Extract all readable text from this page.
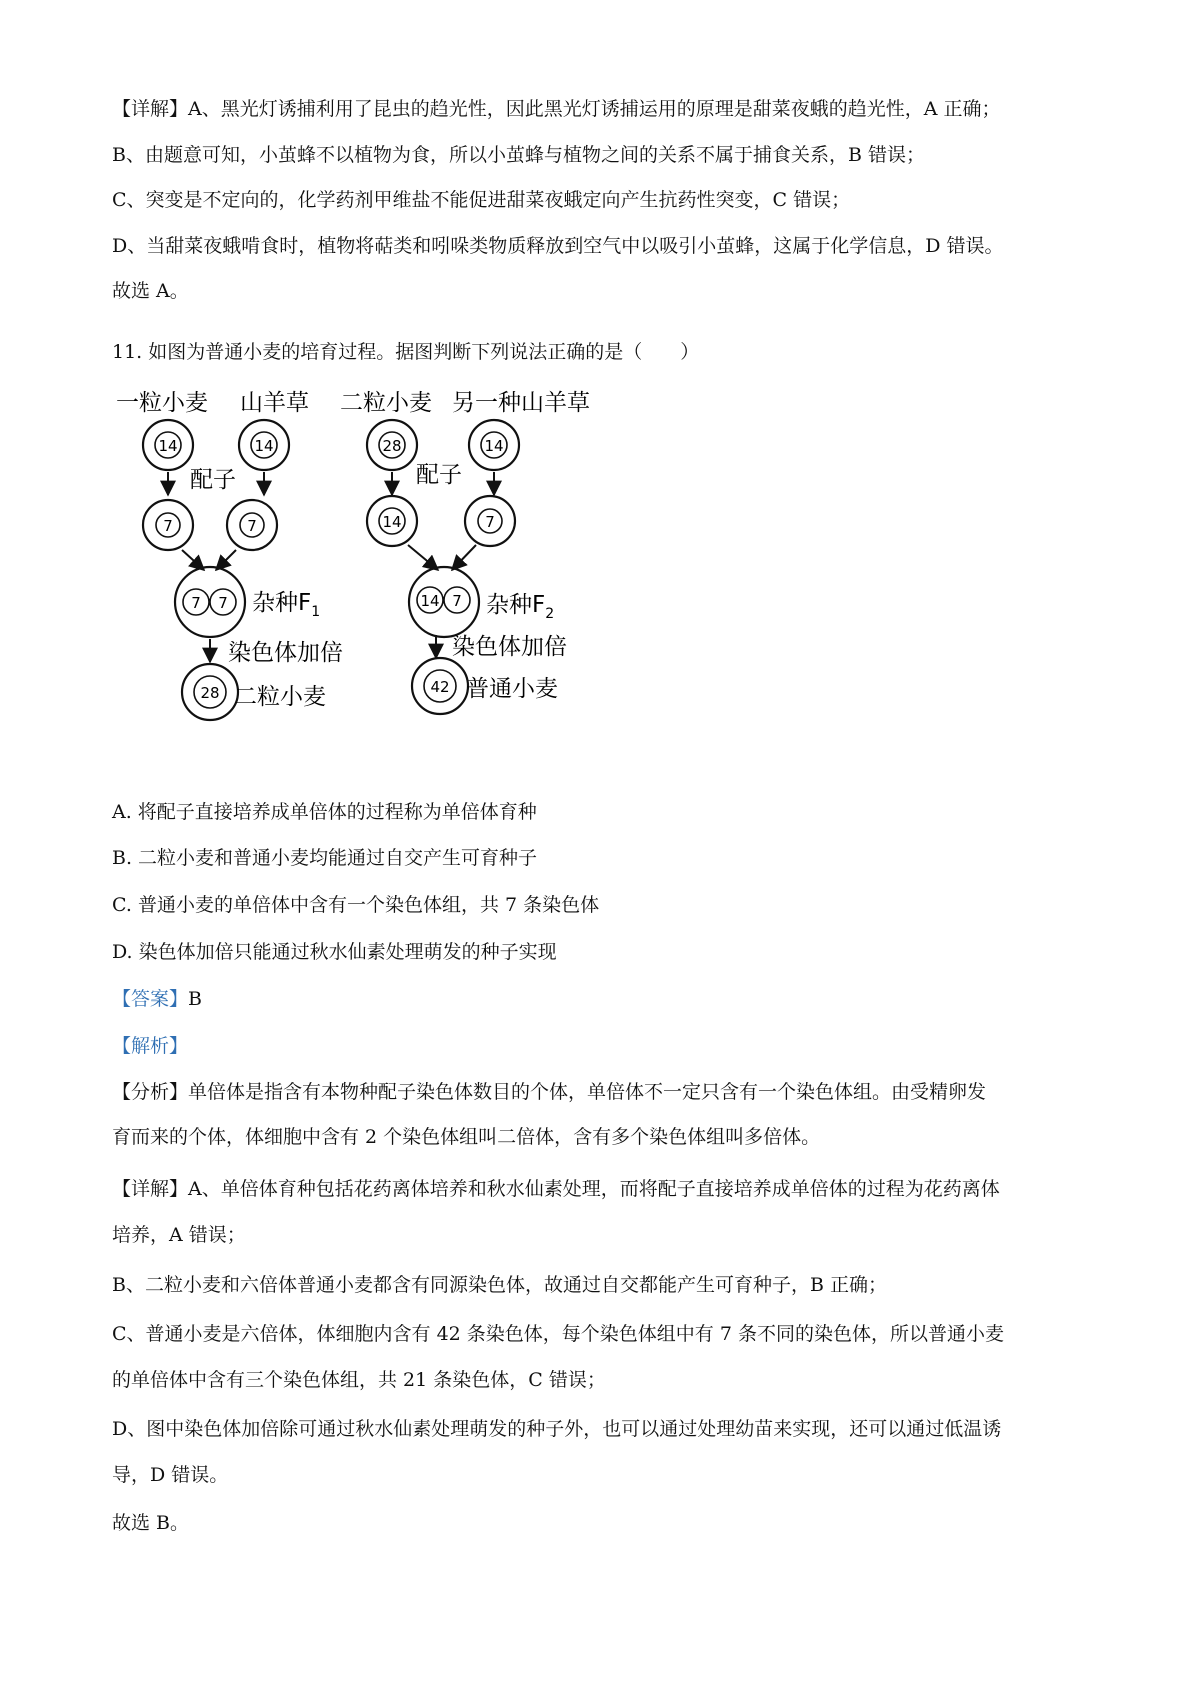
【详解】A、黑光灯诱捕利用了昆虫的趋光性，因此黑光灯诱捕运用的原理是甜菜夜蛾的趋光性，A 正确；
B、由题意可知，小茧蜂不以植物为食，所以小茧蜂与植物之间的关系不属于捕食关系，B 错误；
C、突变是不定向的，化学药剂甲维盐不能促进甜菜夜蛾定向产生抗药性突变，C 错误；
D、当甜菜夜蛾啃食时，植物将萜类和吲哚类物质释放到空气中以吸引小茧蜂，这属于化学信息，D 错误。
故选 A。
11. 如图为普通小麦的培育过程。据图判断下列说法正确的是（　　）
一粒小麦 山羊草
14	14
配子
7	7
7 7 杂种$F_1$
染色体加倍
28 二粒小麦
二粒小麦 另一种山羊草
28	14
配子
14	7
14 7 杂种$F_2$
染色体加倍
42 普通小麦
A. 将配子直接培养成单倍体的过程称为单倍体育种
B. 二粒小麦和普通小麦均能通过自交产生可育种子
C. 普通小麦的单倍体中含有一个染色体组，共 7 条染色体
D. 染色体加倍只能通过秋水仙素处理萌发的种子实现
【答案】B
【解析】
【分析】单倍体是指含有本物种配子染色体数目的个体，单倍体不一定只含有一个染色体组。由受精卵发
育而来的个体，体细胞中含有 2 个染色体组叫二倍体，含有多个染色体组叫多倍体。
【详解】A、单倍体育种包括花药离体培养和秋水仙素处理，而将配子直接培养成单倍体的过程为花药离体
培养，A 错误；
B、二粒小麦和六倍体普通小麦都含有同源染色体，故通过自交都能产生可育种子，B 正确；
C、普通小麦是六倍体，体细胞内含有 42 条染色体，每个染色体组中有 7 条不同的染色体，所以普通小麦
的单倍体中含有三个染色体组，共 21 条染色体，C 错误；
D、图中染色体加倍除可通过秋水仙素处理萌发的种子外，也可以通过处理幼苗来实现，还可以通过低温诱
导，D 错误。
故选 B。
